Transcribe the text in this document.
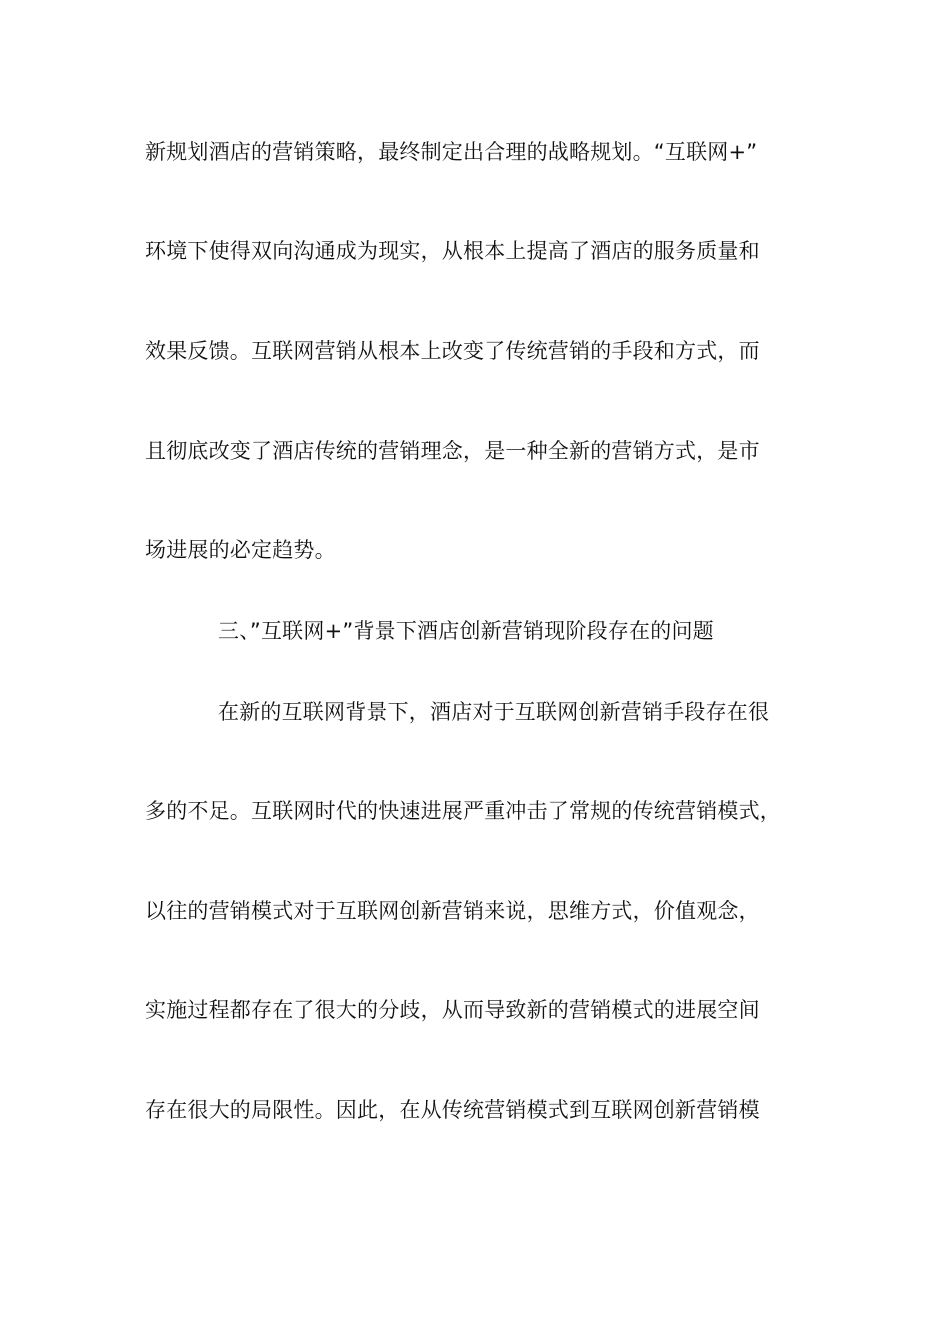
新规划酒店的营销策略，最终制定出合理的战略规划。“互联网+”
环境下使得双向沟通成为现实，从根本上提高了酒店的服务质量和
效果反馈。互联网营销从根本上改变了传统营销的手段和方式，而
且彻底改变了酒店传统的营销理念，是一种全新的营销方式，是市
场进展的必定趋势。
三、”互联网+”背景下酒店创新营销现阶段存在的问题
在新的互联网背景下，酒店对于互联网创新营销手段存在很
多的不足。互联网时代的快速进展严重冲击了常规的传统营销模式，
以往的营销模式对于互联网创新营销来说，思维方式，价值观念，
实施过程都存在了很大的分歧，从而导致新的营销模式的进展空间
存在很大的局限性。因此，在从传统营销模式到互联网创新营销模
